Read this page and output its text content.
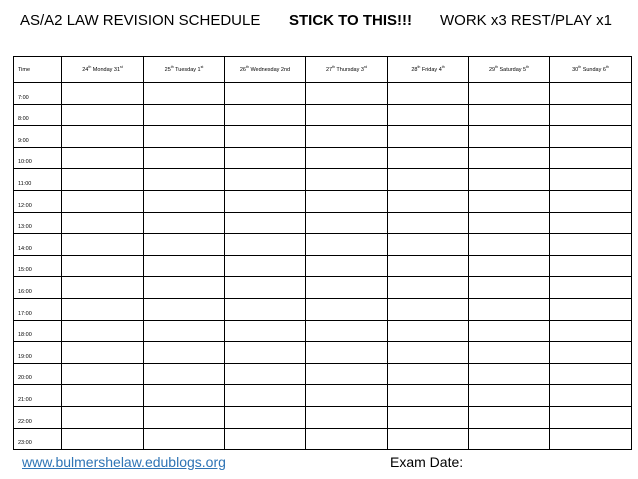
AS/A2 LAW REVISION SCHEDULE STICK TO THIS!!! WORK x3 REST/PLAY x1
Time	24th Monday 31st	25th Tuesday 1st	26th Wednesday 2nd	27th Thursday 3rd	28th Friday 4th	29th Saturday 5th	30th Sunday 6th
7:00							
8:00							
9:00							
10:00							
11:00							
12:00							
13:00							
14:00							
15:00							
16:00							
17:00							
18:00							
19:00							
20:00							
21:00							
22:00							
23:00							
www.bulmershelaw.edublogs.org	Exam Date:
